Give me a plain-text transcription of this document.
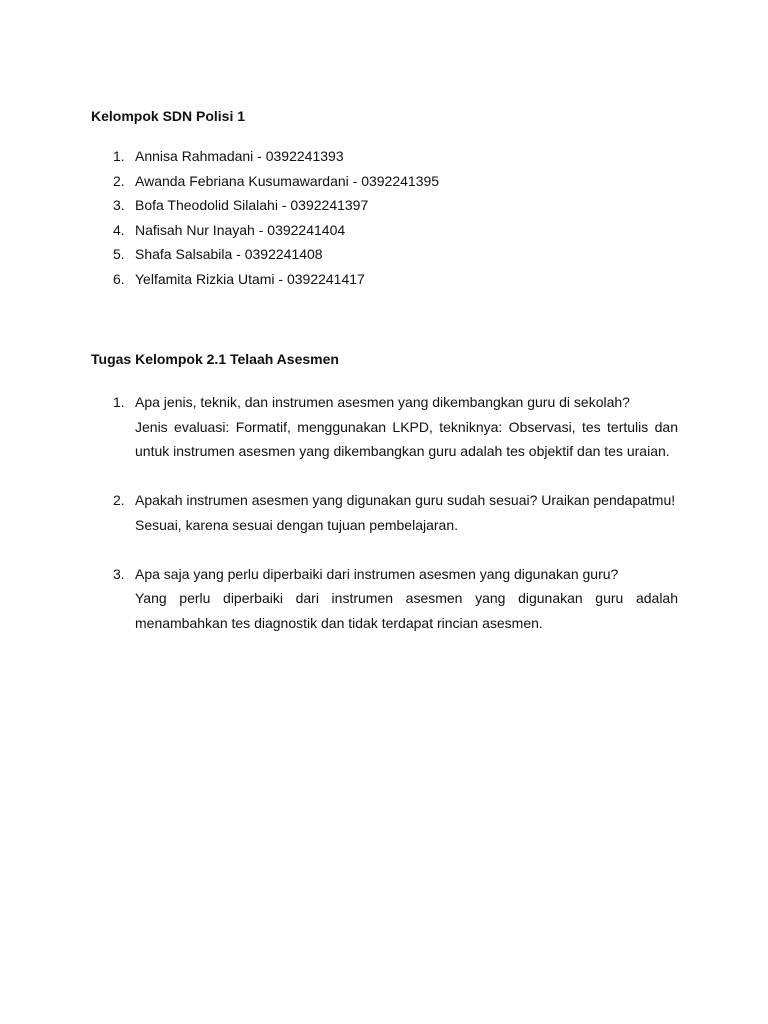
Kelompok SDN Polisi 1
1. Annisa Rahmadani - 0392241393
2. Awanda Febriana Kusumawardani - 0392241395
3. Bofa Theodolid Silalahi - 0392241397
4. Nafisah Nur Inayah - 0392241404
5. Shafa Salsabila - 0392241408
6. Yelfamita Rizkia Utami - 0392241417
Tugas Kelompok 2.1 Telaah Asesmen
1. Apa jenis, teknik, dan instrumen asesmen yang dikembangkan guru di sekolah?
Jenis evaluasi: Formatif, menggunakan LKPD, tekniknya: Observasi, tes tertulis dan untuk instrumen asesmen yang dikembangkan guru adalah tes objektif dan tes uraian.
2. Apakah instrumen asesmen yang digunakan guru sudah sesuai? Uraikan pendapatmu!
Sesuai, karena sesuai dengan tujuan pembelajaran.
3. Apa saja yang perlu diperbaiki dari instrumen asesmen yang digunakan guru?
Yang perlu diperbaiki dari instrumen asesmen yang digunakan guru adalah menambahkan tes diagnostik dan tidak terdapat rincian asesmen.
